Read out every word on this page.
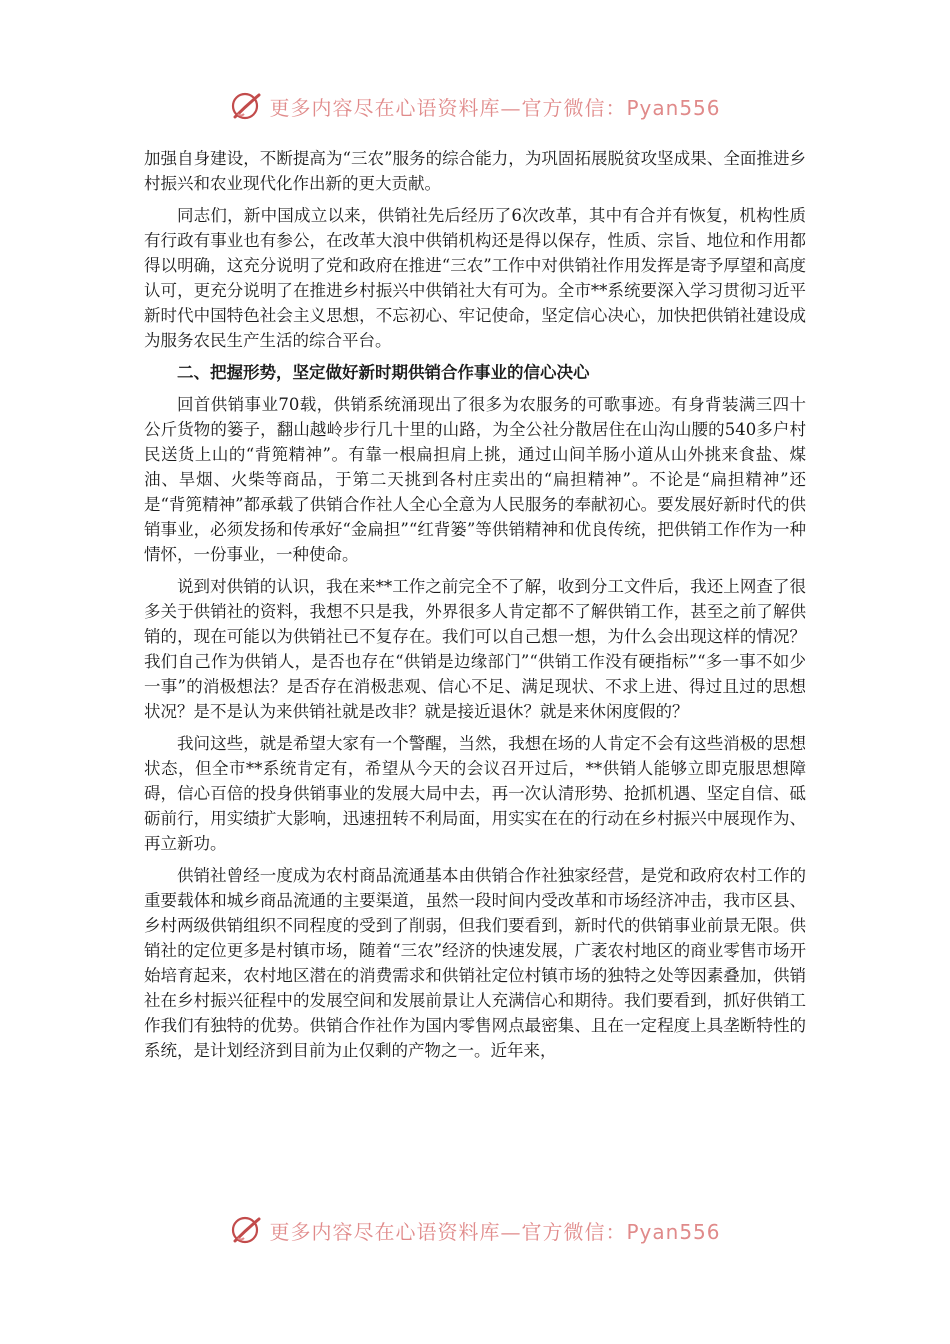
更多内容尽在心语资料库—官方微信：Pyan556

加强自身建设，不断提高为“三农”服务的综合能力，为巩固拓展脱贫攻坚成果、全面推进乡村振兴和农业现代化作出新的更大贡献。

同志们，新中国成立以来，供销社先后经历了6次改革，其中有合并有恢复，机构性质有行政有事业也有参公，在改革大浪中供销机构还是得以保存，性质、宗旨、地位和作用都得以明确，这充分说明了党和政府在推进“三农”工作中对供销社作用发挥是寄予厚望和高度认可，更充分说明了在推进乡村振兴中供销社大有可为。全市**系统要深入学习贯彻习近平新时代中国特色社会主义思想，不忘初心、牢记使命，坚定信心决心，加快把供销社建设成为服务农民生产生活的综合平台。

二、把握形势，坚定做好新时期供销合作事业的信心决心

回首供销事业70载，供销系统涌现出了很多为农服务的可歌事迹。有身背装满三四十公斤货物的篓子，翻山越岭步行几十里的山路，为全公社分散居住在山沟山腰的540多户村民送货上山的“背篼精神”。有靠一根扁担肩上挑，通过山间羊肠小道从山外挑来食盐、煤油、旱烟、火柴等商品，于第二天挑到各村庄卖出的“扁担精神”。不论是“扁担精神”还是“背篼精神”都承载了供销合作社人全心全意为人民服务的奉献初心。要发展好新时代的供销事业，必须发扬和传承好“金扁担”“红背篓”等供销精神和优良传统，把供销工作作为一种情怀，一份事业，一种使命。

说到对供销的认识，我在来**工作之前完全不了解，收到分工文件后，我还上网查了很多关于供销社的资料，我想不只是我，外界很多人肯定都不了解供销工作，甚至之前了解供销的，现在可能以为供销社已不复存在。我们可以自己想一想，为什么会出现这样的情况？我们自己作为供销人，是否也存在“供销是边缘部门”“供销工作没有硬指标”“多一事不如少一事”的消极想法？是否存在消极悲观、信心不足、满足现状、不求上进、得过且过的思想状况？是不是认为来供销社就是改非？就是接近退休？就是来休闲度假的？

我问这些，就是希望大家有一个警醒，当然，我想在场的人肯定不会有这些消极的思想状态，但全市**系统肯定有，希望从今天的会议召开过后，**供销人能够立即克服思想障碍，信心百倍的投身供销事业的发展大局中去，再一次认清形势、抢抓机遇、坚定自信、砥砺前行，用实绩扩大影响，迅速扭转不利局面，用实实在在的行动在乡村振兴中展现作为、再立新功。

供销社曾经一度成为农村商品流通基本由供销合作社独家经营，是党和政府农村工作的重要载体和城乡商品流通的主要渠道，虽然一段时间内受改革和市场经济冲击，我市区县、乡村两级供销组织不同程度的受到了削弱，但我们要看到，新时代的供销事业前景无限。供销社的定位更多是村镇市场，随着“三农”经济的快速发展，广袤农村地区的商业零售市场开始培育起来，农村地区潜在的消费需求和供销社定位村镇市场的独特之处等因素叠加，供销社在乡村振兴征程中的发展空间和发展前景让人充满信心和期待。我们要看到，抓好供销工作我们有独特的优势。供销合作社作为国内零售网点最密集、且在一定程度上具垄断特性的系统，是计划经济到目前为止仅剩的产物之一。近年来，

更多内容尽在心语资料库—官方微信：Pyan556
